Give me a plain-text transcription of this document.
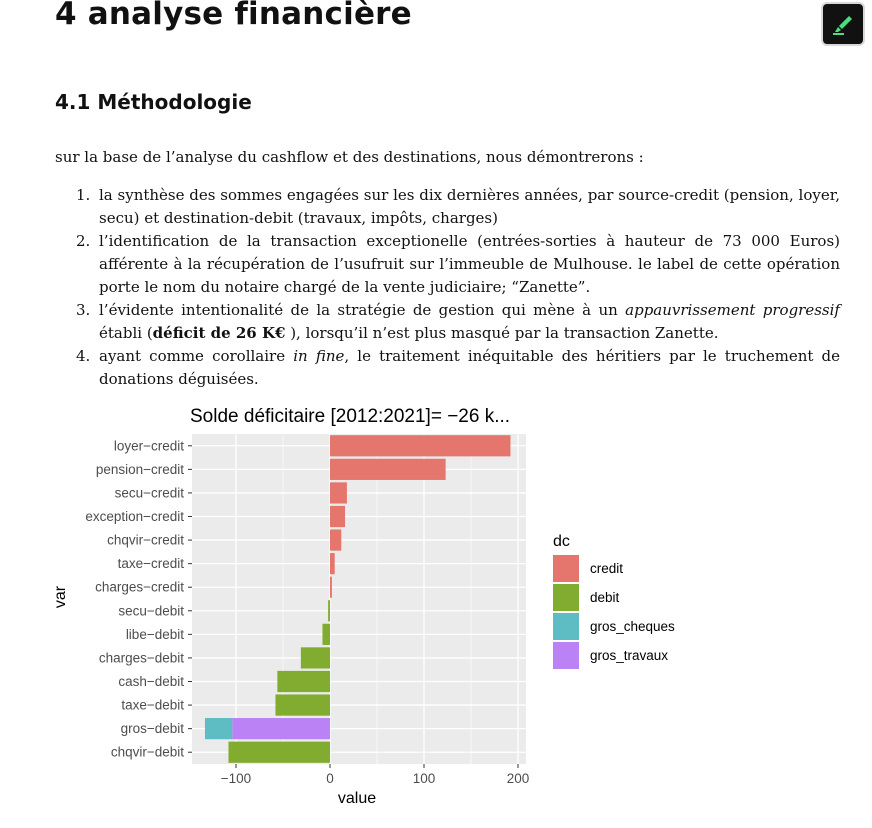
4 analyse financière
4.1 Méthodologie

sur la base de l’analyse du cashflow et des destinations, nous démontrerons :

1. la synthèse des sommes engagées sur les dix dernières années, par source-credit (pension, loyer, secu) et destination-debit (travaux, impôts, charges)
2. l’identification de la transaction exceptionelle (entrées-sorties à hauteur de 73 000 Euros) afférente à la récupération de l’usufruit sur l’immeuble de Mulhouse. le label de cette opération porte le nom du notaire chargé de la vente judiciaire; “Zanette”.
3. l’évidente intentionalité de la stratégie de gestion qui mène à un appauvrissement progressif établi (déficit de 26 K€ ), lorsqu’il n’est plus masqué par la transaction Zanette.
4. ayant comme corollaire in fine, le traitement inéquitable des héritiers par le truchement de donations déguisées.
Solde déficitaire [2012:2021]= −26 k...
loyer−credit
pension−credit
secu−credit
exception−credit
chqvir−credit
taxe−credit
charges−credit
secu−debit
libe−debit
charges−debit
cash−debit
taxe−debit
gros−debit
chqvir−debit
−100	0	100	200
value
var
dc
credit
debit
gros_cheques
gros_travaux
